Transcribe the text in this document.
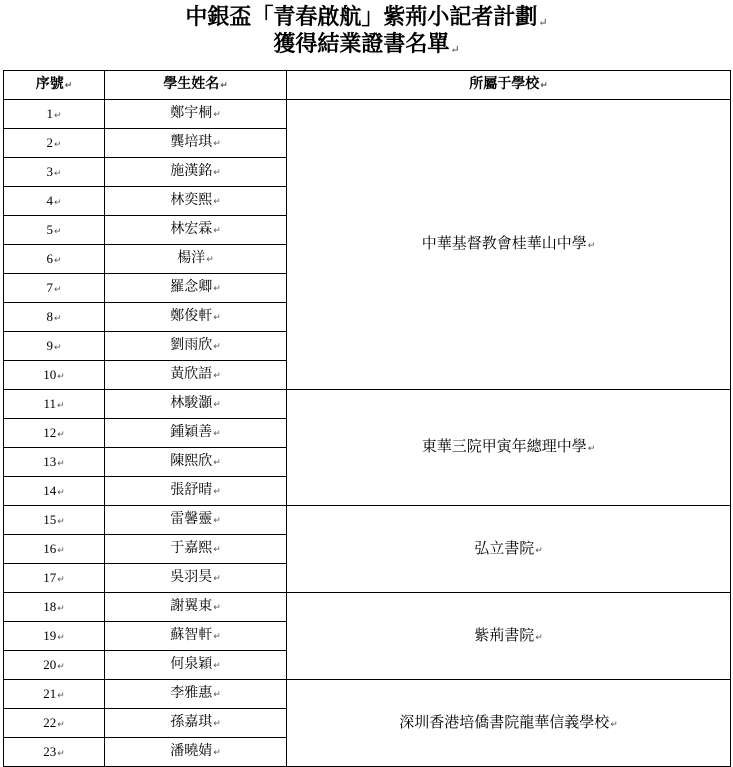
中銀盃「青春啟航」紫荊小記者計劃↵
獲得結業證書名單↵
序號↵	學生姓名↵	所屬于學校↵
1↵	鄭宇桐↵	中華基督教會桂華山中學↵
2↵	龔培琪↵	
3↵	施漢銘↵	
4↵	林奕熙↵	
5↵	林宏霖↵	
6↵	楊洋↵	
7↵	羅念卿↵	
8↵	鄭俊軒↵	
9↵	劉雨欣↵	
10↵	黃欣語↵	
11↵	林駿灝↵	東華三院甲寅年總理中學↵
12↵	鍾穎善↵	
13↵	陳熙欣↵	
14↵	張舒晴↵	
15↵	雷馨靈↵	弘立書院↵
16↵	于嘉熙↵	
17↵	吳羽昊↵	
18↵	謝翼東↵	紫荊書院↵
19↵	蘇智軒↵	
20↵	何泉穎↵	
21↵	李雅惠↵	深圳香港培僑書院龍華信義學校↵
22↵	孫嘉琪↵	
23↵	潘曉婧↵	
